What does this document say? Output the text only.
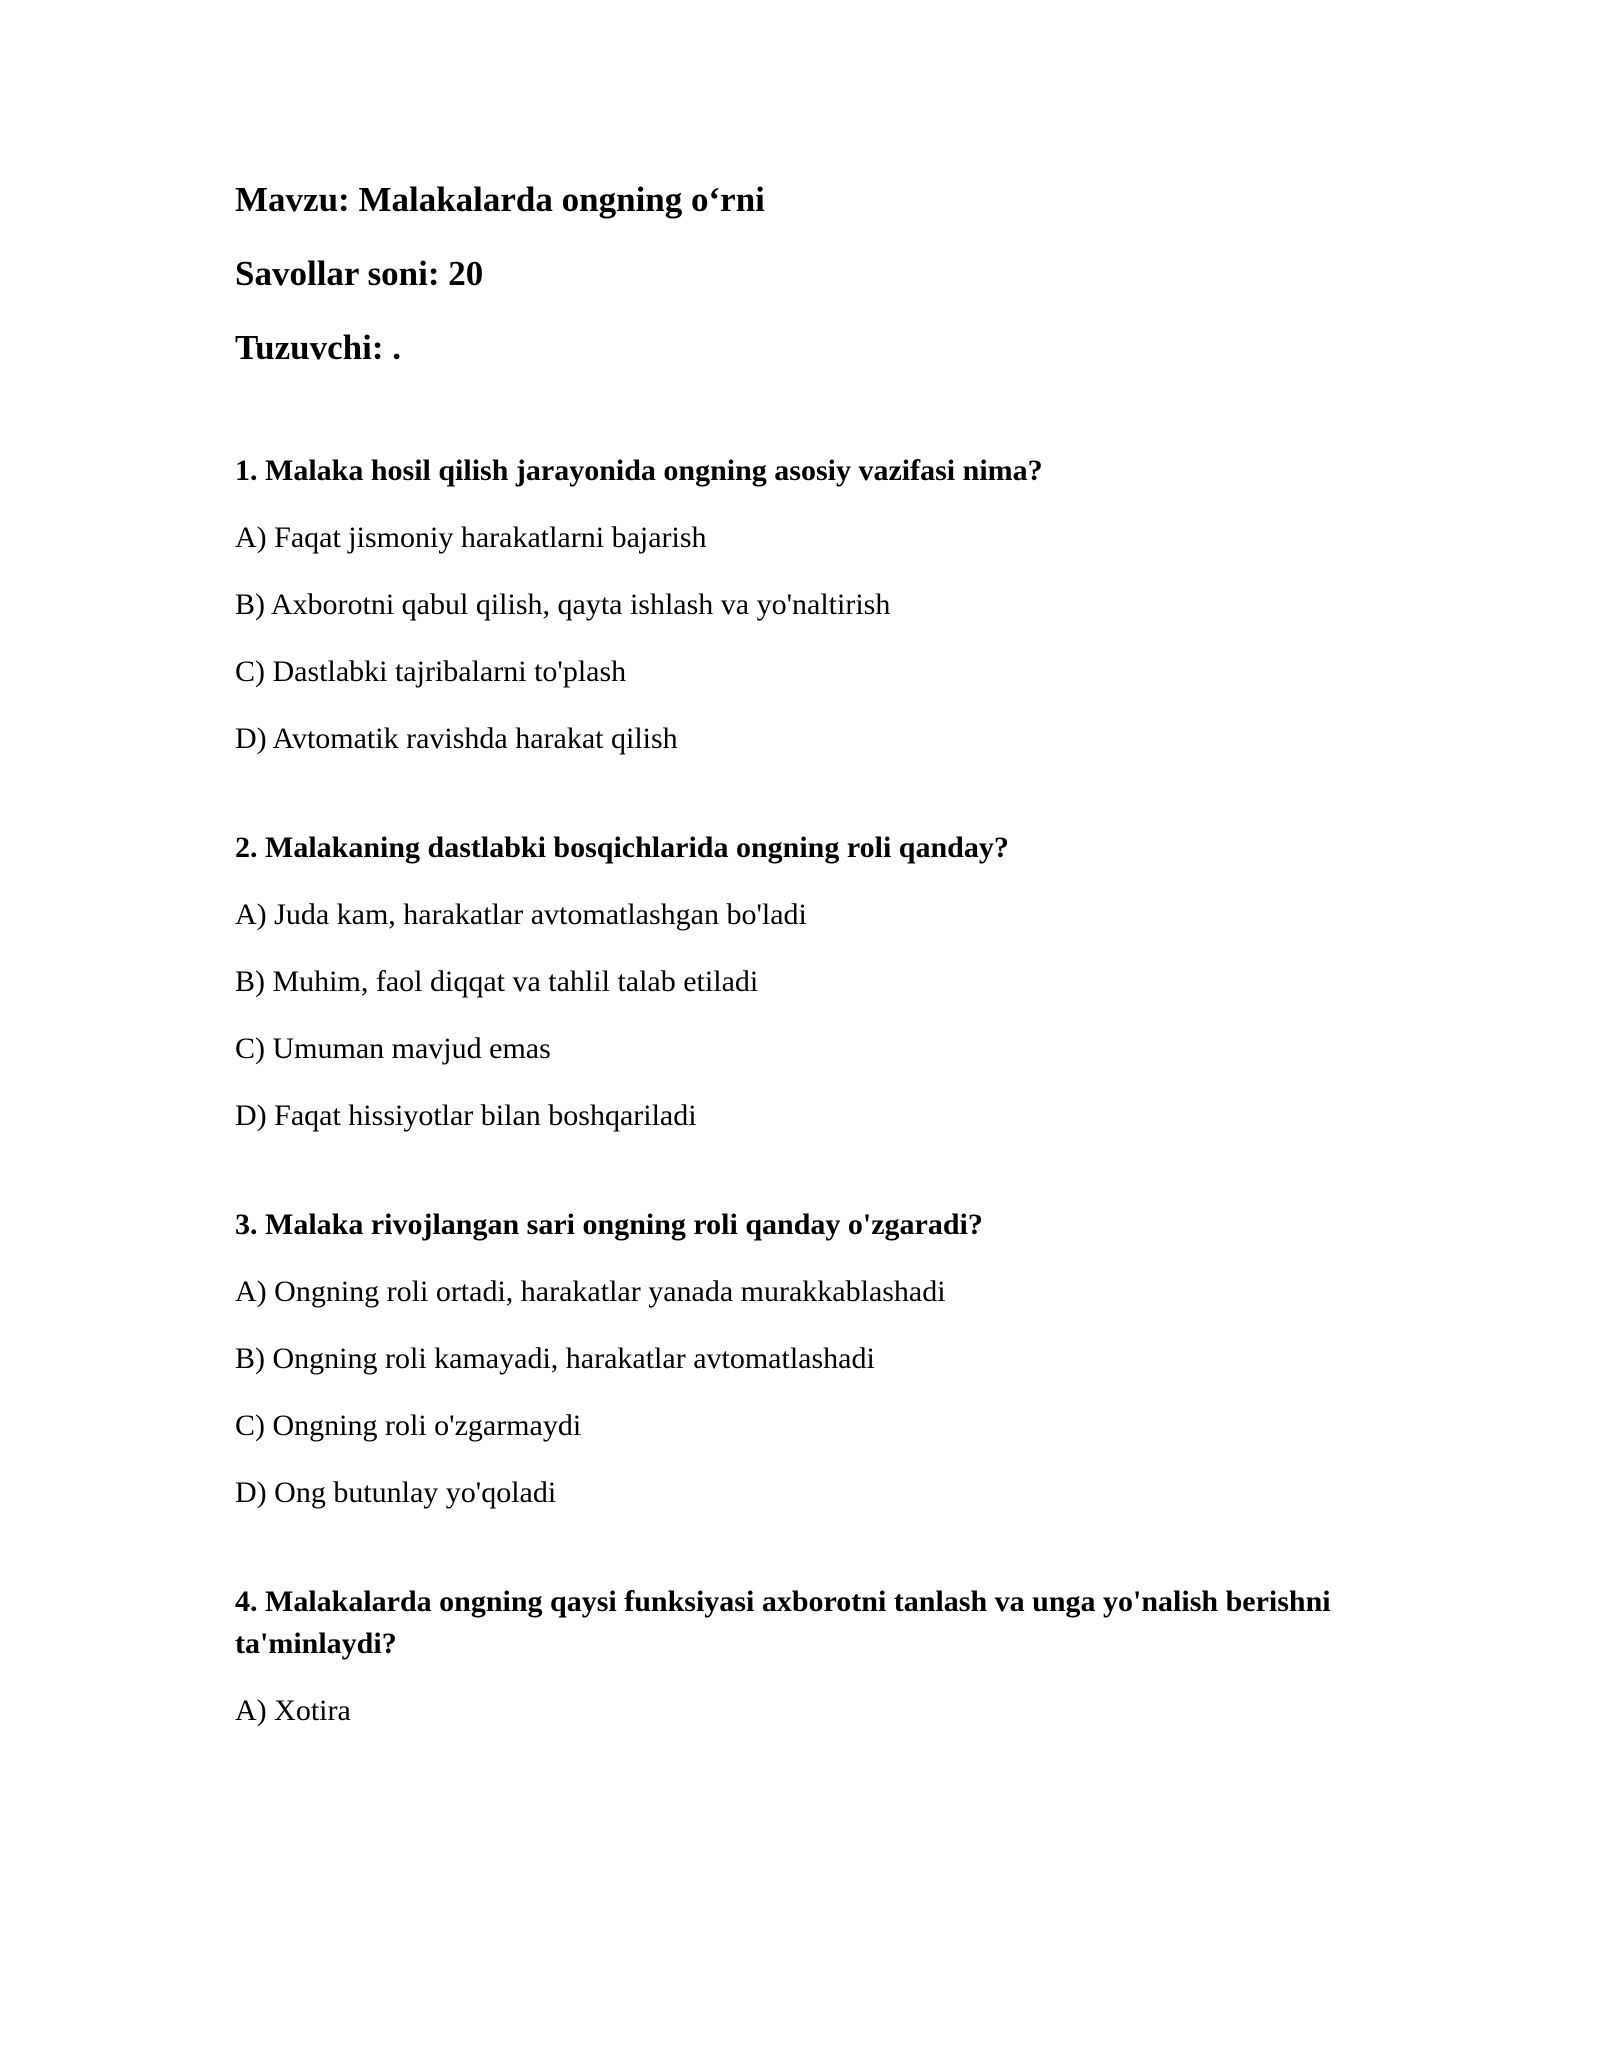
Mavzu: Malakalarda ongning o‘rni
Savollar soni: 20
Tuzuvchi: .
1. Malaka hosil qilish jarayonida ongning asosiy vazifasi nima?
A) Faqat jismoniy harakatlarni bajarish
B) Axborotni qabul qilish, qayta ishlash va yo'naltirish
C) Dastlabki tajribalarni to'plash
D) Avtomatik ravishda harakat qilish
2. Malakaning dastlabki bosqichlarida ongning roli qanday?
A) Juda kam, harakatlar avtomatlashgan bo'ladi
B) Muhim, faol diqqat va tahlil talab etiladi
C) Umuman mavjud emas
D) Faqat hissiyotlar bilan boshqariladi
3. Malaka rivojlangan sari ongning roli qanday o'zgaradi?
A) Ongning roli ortadi, harakatlar yanada murakkablashadi
B) Ongning roli kamayadi, harakatlar avtomatlashadi
C) Ongning roli o'zgarmaydi
D) Ong butunlay yo'qoladi
4. Malakalarda ongning qaysi funksiyasi axborotni tanlash va unga yo'nalish berishni ta'minlaydi?
A) Xotira
